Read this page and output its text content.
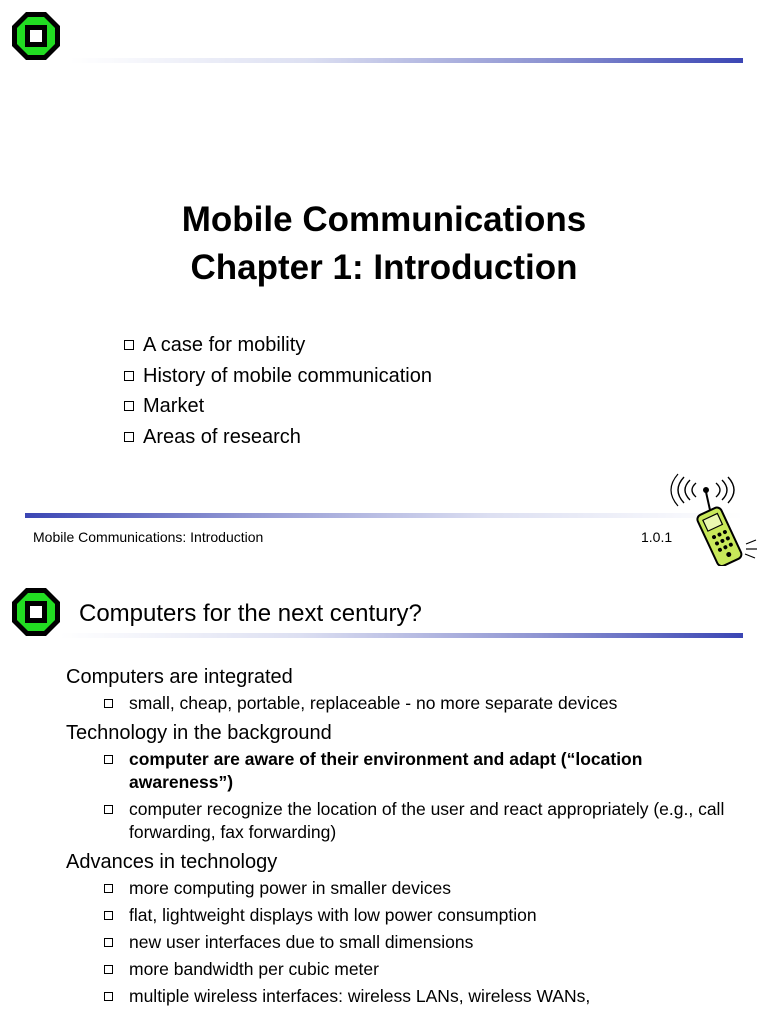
Mobile Communications
Chapter 1: Introduction
A case for mobility
History of mobile communication
Market
Areas of research
Mobile Communications: Introduction	1.0.1
Computers for the next century?

Computers are integrated

small, cheap, portable, replaceable - no more separate devices

Technology in the background

computer are aware of their environment and adapt (“location awareness”)
computer recognize the location of the user and react appropriately (e.g., call forwarding, fax forwarding)

Advances in technology

more computing power in smaller devices
flat, lightweight displays with low power consumption
new user interfaces due to small dimensions
more bandwidth per cubic meter
multiple wireless interfaces: wireless LANs, wireless WANs,
